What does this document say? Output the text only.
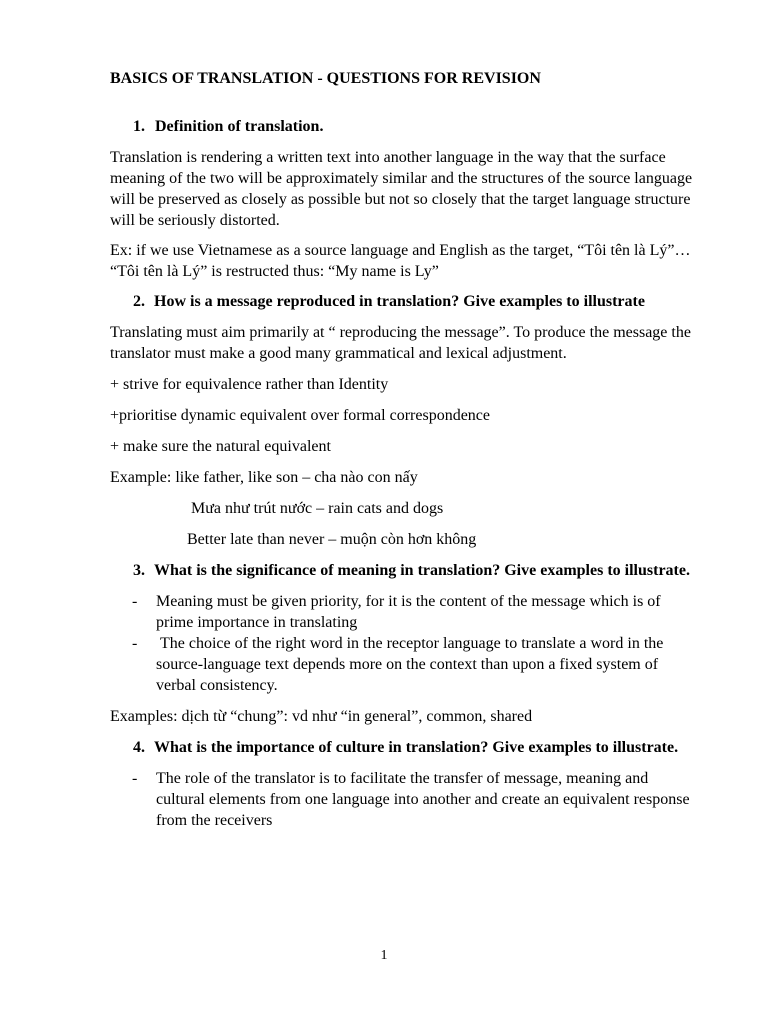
BASICS OF TRANSLATION - QUESTIONS FOR REVISION

1. Definition of translation.

Translation is rendering a written text into another language in the way that the surface meaning of the two will be approximately similar and the structures of the source language will be preserved as closely as possible but not so closely that the target language structure will be seriously distorted.

Ex: if we use Vietnamese as a source language and English as the target, “Tôi tên là Lý”… “Tôi tên là Lý” is restructed thus: “My name is Ly”

2. How is a message reproduced in translation? Give examples to illustrate

Translating must aim primarily at “ reproducing the message”. To produce the message the translator must make a good many grammatical and lexical adjustment.

+ strive for equivalence rather than Identity

+prioritise dynamic equivalent over formal correspondence

+ make sure the natural equivalent

Example: like father, like son – cha nào con nấy

Mưa như trút nước – rain cats and dogs

Better late than never – muộn còn hơn không

3. What is the significance of meaning in translation? Give examples to illustrate.
-	Meaning must be given priority, for it is the content of the message which is of prime importance in translating
-	The choice of the right word in the receptor language to translate a word in the source-language text depends more on the context than upon a fixed system of verbal consistency.

Examples: dịch từ “chung”: vd như “in general”, common, shared

4. What is the importance of culture in translation? Give examples to illustrate.
-	The role of the translator is to facilitate the transfer of message, meaning and cultural elements from one language into another and create an equivalent response from the receivers
1
